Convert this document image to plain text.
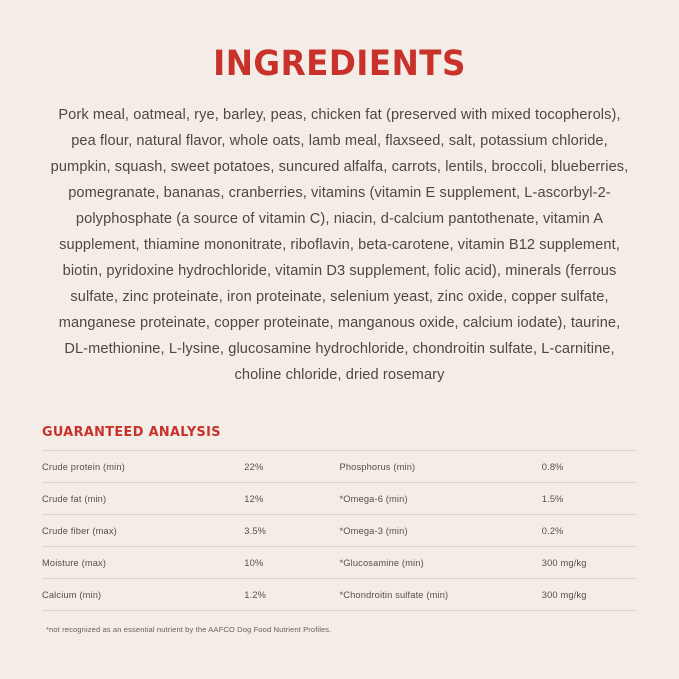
INGREDIENTS

Pork meal, oatmeal, rye, barley, peas, chicken fat (preserved with mixed tocopherols), pea flour, natural flavor, whole oats, lamb meal, flaxseed, salt, potassium chloride, pumpkin, squash, sweet potatoes, suncured alfalfa, carrots, lentils, broccoli, blueberries, pomegranate, bananas, cranberries, vitamins (vitamin E supplement, L-ascorbyl-2-polyphosphate (a source of vitamin C), niacin, d-calcium pantothenate, vitamin A supplement, thiamine mononitrate, riboflavin, beta-carotene, vitamin B12 supplement, biotin, pyridoxine hydrochloride, vitamin D3 supplement, folic acid), minerals (ferrous sulfate, zinc proteinate, iron proteinate, selenium yeast, zinc oxide, copper sulfate, manganese proteinate, copper proteinate, manganous oxide, calcium iodate), taurine, DL-methionine, L-lysine, glucosamine hydrochloride, chondroitin sulfate, L-carnitine, choline chloride, dried rosemary

GUARANTEED ANALYSIS
Crude protein (min)	22%	Phosphorus (min)	0.8%
Crude fat (min)	12%	*Omega-6 (min)	1.5%
Crude fiber (max)	3.5%	*Omega-3 (min)	0.2%
Moisture (max)	10%	*Glucosamine (min)	300 mg/kg
Calcium (min)	1.2%	*Chondroitin sulfate (min)	300 mg/kg
*not recognized as an essential nutrient by the AAFCO Dog Food Nutrient Profiles.
